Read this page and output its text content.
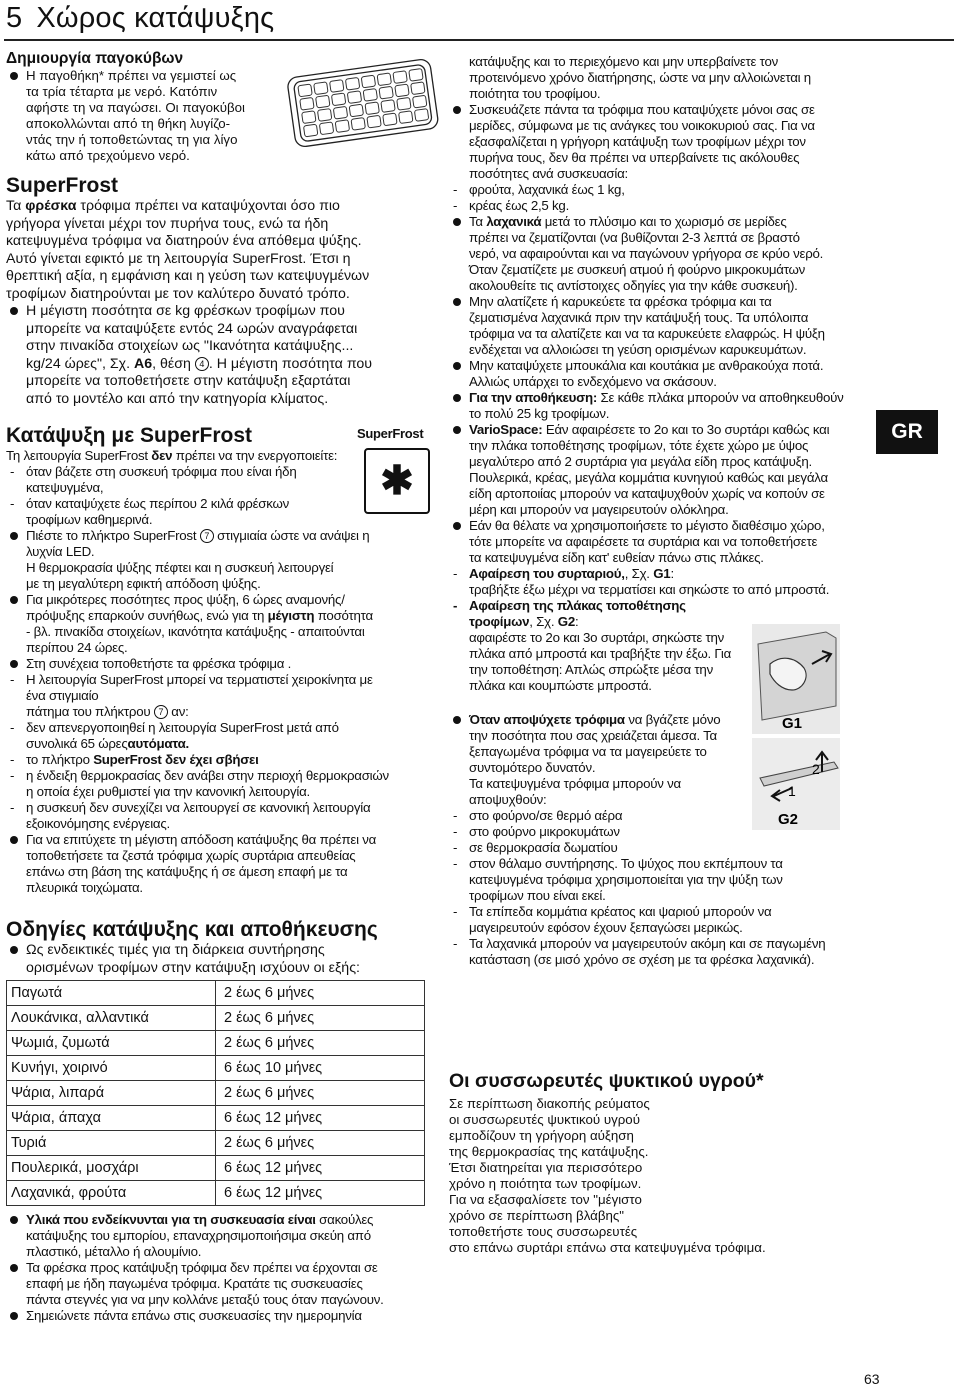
5 Χώρος κατάψυξης

Δημιουργία παγοκύβων

Η παγοθήκη* πρέπει να γεμιστεί ως

τα τρία τέταρτα με νερό. Κατόπιν

αφήστε τη να παγώσει. Οι παγοκύβοι

αποκολλώνται από τη θήκη λυγίζο-

ντάς την ή τοποθετώντας τη για λίγο

κάτω από τρεχούμενο νερό.

SuperFrost

Τα φρέσκα τρόφιμα πρέπει να καταψύχονται όσο πιο

γρήγορα γίνεται μέχρι τον πυρήνα τους, ενώ τα ήδη

κατεψυγμένα τρόφιμα να διατηρούν ένα απόθεμα ψύξης.

Αυτό γίνεται εφικτό με τη λειτουργία SuperFrost. Έτσι η

θρεπτική αξία, η εμφάνιση και η γεύση των κατεψυγμένων

τροφίμων διατηρούνται με τον καλύτερο δυνατό τρόπο.

Η μέγιστη ποσότητα σε kg φρέσκων τροφίμων που

μπορείτε να καταψύξετε εντός 24 ωρών αναγράφεται

στην πινακίδα στοιχείων ως "Ικανότητα κατάψυξης...

kg/24 ώρες", Σχ. A6, θέση 4 . Η μέγιστη ποσότητα που

μπορείτε να τοποθετήσετε στην κατάψυξη εξαρτάται

από το μοντέλο και από την κατηγορία κλίματος.

Κατάψυξη με SuperFrost

Τη λειτουργία SuperFrost δεν πρέπει να την ενεργοποιείτε:

- όταν βάζετε στη συσκευή τρόφιμα που είναι ήδη

κατεψυγμένα,

- όταν καταψύχετε έως περίπου 2 κιλά φρέσκων

τροφίμων καθημερινά.

Πιέστε το πλήκτρο SuperFrost 7 στιγμιαία ώστε να ανάψει η

λυχνία LED.

Η θερμοκρασία ψύξης πέφτει και η συσκευή λειτουργεί

με τη μεγαλύτερη εφικτή απόδοση ψύξης.

Για μικρότερες ποσότητες προς ψύξη, 6 ώρες αναμονής/

πρόψυξης επαρκούν συνήθως, ενώ για τη μέγιστη ποσότητα

- βλ. πινακίδα στοιχείων, ικανότητα κατάψυξης - απαιτούνται

περίπου 24 ώρες.

Στη συνέχεια τοποθετήστε τα φρέσκα τρόφιμα .

- Η λειτουργία SuperFrost μπορεί να τερματιστεί χειροκίνητα με

ένα στιγμιαίο

πάτημα του πλήκτρου 7 αν:

- δεν απενεργοποιηθεί η λειτουργία SuperFrost μετά από

συνολικά 65 ώρεςαυτόματα.

- το πλήκτρο SuperFrost δεν έχει σβήσει

- η ένδειξη θερμοκρασίας δεν ανάβει στην περιοχή θερμοκρασιών

η οποία έχει ρυθμιστεί για την κανονική λειτουργία.

- η συσκευή δεν συνεχίζει να λειτουργεί σε κανονική λειτουργία

εξοικονόμησης ενέργειας.

Για να επιτύχετε τη μέγιστη απόδοση κατάψυξης θα πρέπει να

τοποθετήσετε τα ζεστά τρόφιμα χωρίς συρτάρια απευθείας

επάνω στη βάση της κατάψυξης ή σε άμεση επαφή με τα

πλευρικά τοιχώματα.

Οδηγίες κατάψυξης και αποθήκευσης

Ως ενδεικτικές τιμές για τη διάρκεια συντήρησης

ορισμένων τροφίμων στην κατάψυξη ισχύουν οι εξής:

Παγωτά	2 έως 6 μήνες
Λουκάνικα, αλλαντικά	2 έως 6 μήνες
Ψωμιά, ζυμωτά	2 έως 6 μήνες
Κυνήγι, χοιρινό	6 έως 10 μήνες
Ψάρια, λιπαρά	2 έως 6 μήνες
Ψάρια, άπαχα	6 έως 12 μήνες
Τυριά	2 έως 6 μήνες
Πουλερικά, μοσχάρι	6 έως 12 μήνες
Λαχανικά, φρούτα	6 έως 12 μήνες

Υλικά που ενδείκνυνται για τη συσκευασία είναι σακούλες

κατάψυξης του εμπορίου, επαναχρησιμοποιήσιμα σκεύη από

πλαστικό, μέταλλο ή αλουμίνιο.

Τα φρέσκα προς κατάψυξη τρόφιμα δεν πρέπει να έρχονται σε

επαφή με ήδη παγωμένα τρόφιμα. Κρατάτε τις συσκευασίες

πάντα στεγνές για να μην κολλάνε μεταξύ τους όταν παγώνουν.

Σημειώνετε πάντα επάνω στις συσκευασίες την ημερομηνία

SuperFrost
✱

κατάψυξης και το περιεχόμενο και μην υπερβαίνετε τον

προτεινόμενο χρόνο διατήρησης, ώστε να μην αλλοιώνεται η

ποιότητα του τροφίμου.

Συσκευάζετε πάντα τα τρόφιμα που καταψύχετε μόνοι σας σε

μερίδες, σύμφωνα με τις ανάγκες του νοικοκυριού σας. Για να

εξασφαλίζεται η γρήγορη κατάψυξη των τροφίμων μέχρι τον

πυρήνα τους, δεν θα πρέπει να υπερβαίνετε τις ακόλουθες

ποσότητες ανά συσκευασία:

- φρούτα, λαχανικά έως 1 kg,

- κρέας έως 2,5 kg.

Τα λαχανικά μετά το πλύσιμο και το χωρισμό σε μερίδες

πρέπει να ζεματίζονται (να βυθίζονται 2-3 λεπτά σε βραστό

νερό, να αφαιρούνται και να παγώνουν γρήγορα σε κρύο νερό.

Όταν ζεματίζετε με συσκευή ατμού ή φούρνο μικροκυμάτων

ακολουθείτε τις αντίστοιχες οδηγίες για την κάθε συσκευή).

Μην αλατίζετε ή καρυκεύετε τα φρέσκα τρόφιμα και τα

ζεματισμένα λαχανικά πριν την κατάψυξή τους. Τα υπόλοιπα

τρόφιμα να τα αλατίζετε και να τα καρυκεύετε ελαφρώς. Η ψύξη

ενδέχεται να αλλοιώσει τη γεύση ορισμένων καρυκευμάτων.

Μην καταψύχετε μπουκάλια και κουτάκια με ανθρακούχα ποτά.

Αλλιώς υπάρχει το ενδεχόμενο να σκάσουν.

Για την αποθήκευση: Σε κάθε πλάκα μπορούν να αποθηκευθούν

το πολύ 25 kg τροφίμων.

VarioSpace: Εάν αφαιρέσετε το 2ο και το 3ο συρτάρι καθώς και

την πλάκα τοποθέτησης τροφίμων, τότε έχετε χώρο με ύψος

μεγαλύτερο από 2 συρτάρια για μεγάλα είδη προς κατάψυξη.

Πουλερικά, κρέας, μεγάλα κομμάτια κυνηγιού καθώς και μεγάλα

είδη αρτοποιίας μπορούν να καταψυχθούν χωρίς να κοπούν σε

μέρη και μπορούν να μαγειρευτούν ολόκληρα.

Εάν θα θέλατε να χρησιμοποιήσετε το μέγιστο διαθέσιμο χώρο,

τότε μπορείτε να αφαιρέσετε τα συρτάρια και να τοποθετήσετε

τα κατεψυγμένα είδη κατ' ευθείαν πάνω στις πλάκες.

- Αφαίρεση του συρταριού,, Σχ. G1:

τραβήξτε έξω μέχρι να τερματίσει και σηκώστε το από μπροστά.

- Αφαίρεση της πλάκας τοποθέτησης

τροφίμων, Σχ. G2:

αφαιρέστε το 2ο και 3ο συρτάρι, σηκώστε την

πλάκα από μπροστά και τραβήξτε την έξω. Για

την τοποθέτηση: Απλώς σπρώξτε μέσα την

πλάκα και κουμπώστε μπροστά.

Όταν αποψύχετε τρόφιμα να βγάζετε μόνο

την ποσότητα που σας χρειάζεται άμεσα. Τα

ξεπαγωμένα τρόφιμα να τα μαγειρεύετε το

συντομότερο δυνατόν.

Τα κατεψυγμένα τρόφιμα μπορούν να

αποψυχθούν:

- στο φούρνο/σε θερμό αέρα

- στο φούρνο μικροκυμάτων

- σε θερμοκρασία δωματίου

- στον θάλαμο συντήρησης. Το ψύχος που εκπέμπουν τα

κατεψυγμένα τρόφιμα χρησιμοποιείται για την ψύξη των

τροφίμων που είναι εκεί.

- Τα επίπεδα κομμάτια κρέατος και ψαριού μπορούν να

μαγειρευτούν εφόσον έχουν ξεπαγώσει μερικώς.

- Τα λαχανικά μπορούν να μαγειρευτούν ακόμη και σε παγωμένη

κατάσταση (σε μισό χρόνο σε σχέση με τα φρέσκα λαχανικά).

G1
2
1
G2

Οι συσσωρευτές ψυκτικού υγρού*

Σε περίπτωση διακοπής ρεύματος

οι συσσωρευτές ψυκτικού υγρού

εμποδίζουν τη γρήγορη αύξηση

της θερμοκρασίας της κατάψυξης.

Έτσι διατηρείται για περισσότερο

χρόνο η ποιότητα των τροφίμων.

Για να εξασφαλίσετε τον "μέγιστο

χρόνο σε περίπτωση βλάβης"

τοποθετήστε τους συσσωρευτές

στο επάνω συρτάρι επάνω στα κατεψυγμένα τρόφιμα.

GR
63
